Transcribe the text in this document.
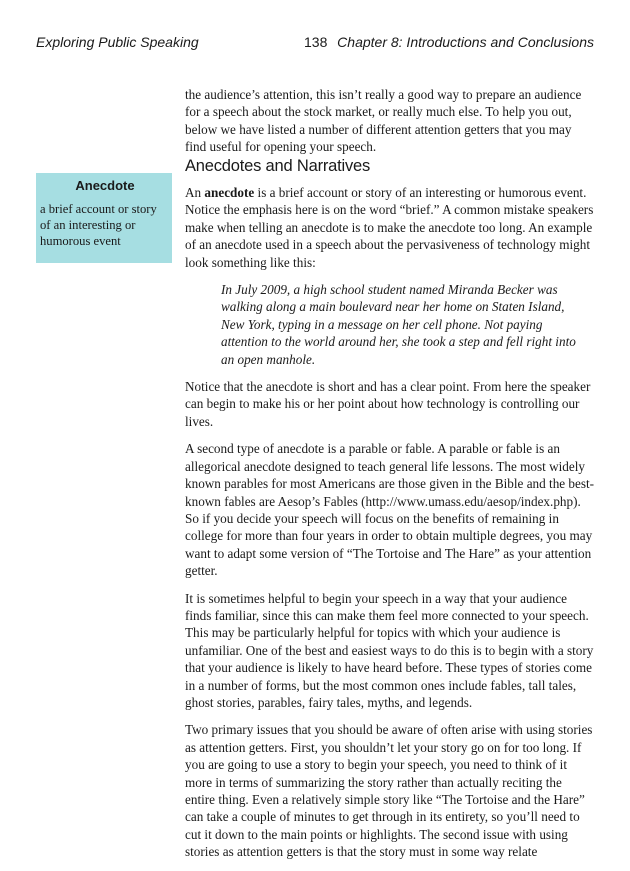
Exploring Public Speaking	138 Chapter 8: Introductions and Conclusions

the audience’s attention, this isn’t really a good way to prepare an audience for a speech about the stock market, or really much else. To help you out, below we have listed a number of different attention getters that you may find useful for opening your speech.

Anecdotes and Narratives
Anecdote
a brief account or story of an interesting or humorous event

An anecdote is a brief account or story of an interesting or humorous event. Notice the emphasis here is on the word “brief.” A common mistake speakers make when telling an anecdote is to make the anecdote too long. An example of an anecdote used in a speech about the pervasiveness of technology might look something like this:

In July 2009, a high school student named Miranda Becker was walking along a main boulevard near her home on Staten Island, New York, typing in a message on her cell phone. Not paying attention to the world around her, she took a step and fell right into an open manhole.

Notice that the anecdote is short and has a clear point. From here the speaker can begin to make his or her point about how technology is controlling our lives.

A second type of anecdote is a parable or fable. A parable or fable is an allegorical anecdote designed to teach general life lessons. The most widely known parables for most Americans are those given in the Bible and the best-known fables are Aesop’s Fables (http://www.umass.edu/aesop/index.php). So if you decide your speech will focus on the benefits of remaining in college for more than four years in order to obtain multiple degrees, you may want to adapt some version of “The Tortoise and The Hare” as your attention getter.

It is sometimes helpful to begin your speech in a way that your audience finds familiar, since this can make them feel more connected to your speech. This may be particularly helpful for topics with which your audience is unfamiliar. One of the best and easiest ways to do this is to begin with a story that your audience is likely to have heard before. These types of stories come in a number of forms, but the most common ones include fables, tall tales, ghost stories, parables, fairy tales, myths, and legends.

Two primary issues that you should be aware of often arise with using stories as attention getters. First, you shouldn’t let your story go on for too long. If you are going to use a story to begin your speech, you need to think of it more in terms of summarizing the story rather than actually reciting the entire thing. Even a relatively simple story like “The Tortoise and the Hare” can take a couple of minutes to get through in its entirety, so you’ll need to cut it down to the main points or highlights. The second issue with using stories as attention getters is that the story must in some way relate
